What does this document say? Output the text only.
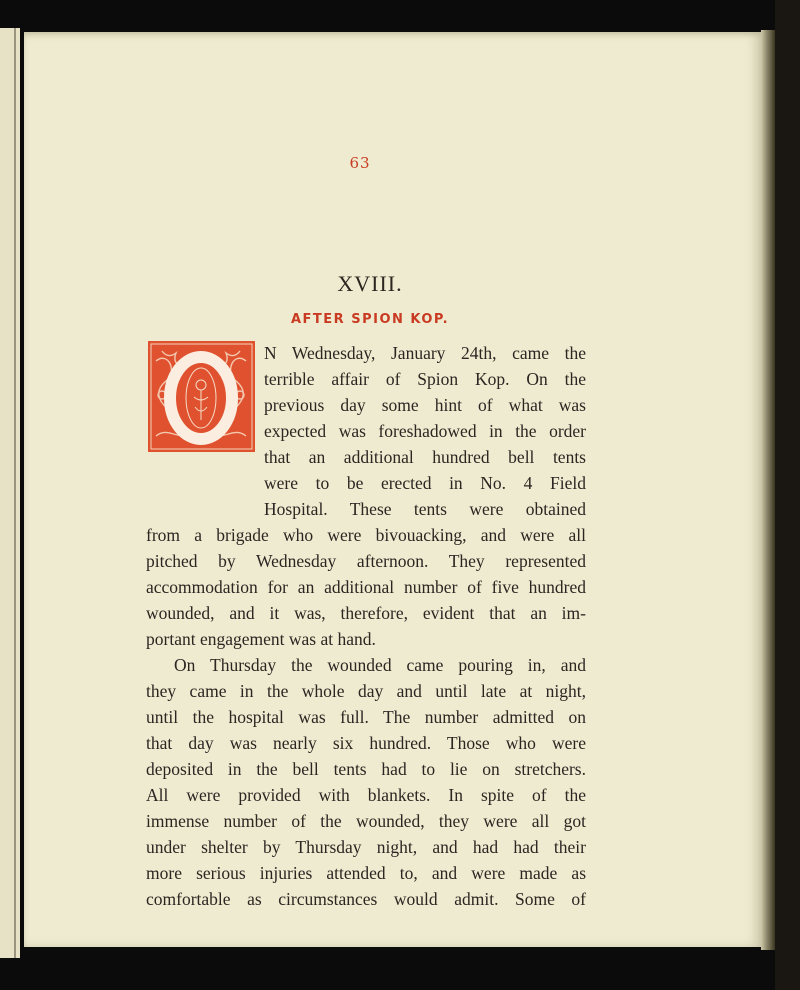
63
XVIII.
AFTER SPION KOP.
N Wednesday, January 24th, came the
terrible affair of Spion Kop. On the
previous day some hint of what was
expected was foreshadowed in the order
that an additional hundred bell tents
were to be erected in No. 4 Field
Hospital. These tents were obtained
from a brigade who were bivouacking, and were all
pitched by Wednesday afternoon. They represented
accommodation for an additional number of five hundred
wounded, and it was, therefore, evident that an im-
portant engagement was at hand.
On Thursday the wounded came pouring in, and
they came in the whole day and until late at night,
until the hospital was full. The number admitted on
that day was nearly six hundred. Those who were
deposited in the bell tents had to lie on stretchers.
All were provided with blankets. In spite of the
immense number of the wounded, they were all got
under shelter by Thursday night, and had had their
more serious injuries attended to, and were made as
comfortable as circumstances would admit. Some of
